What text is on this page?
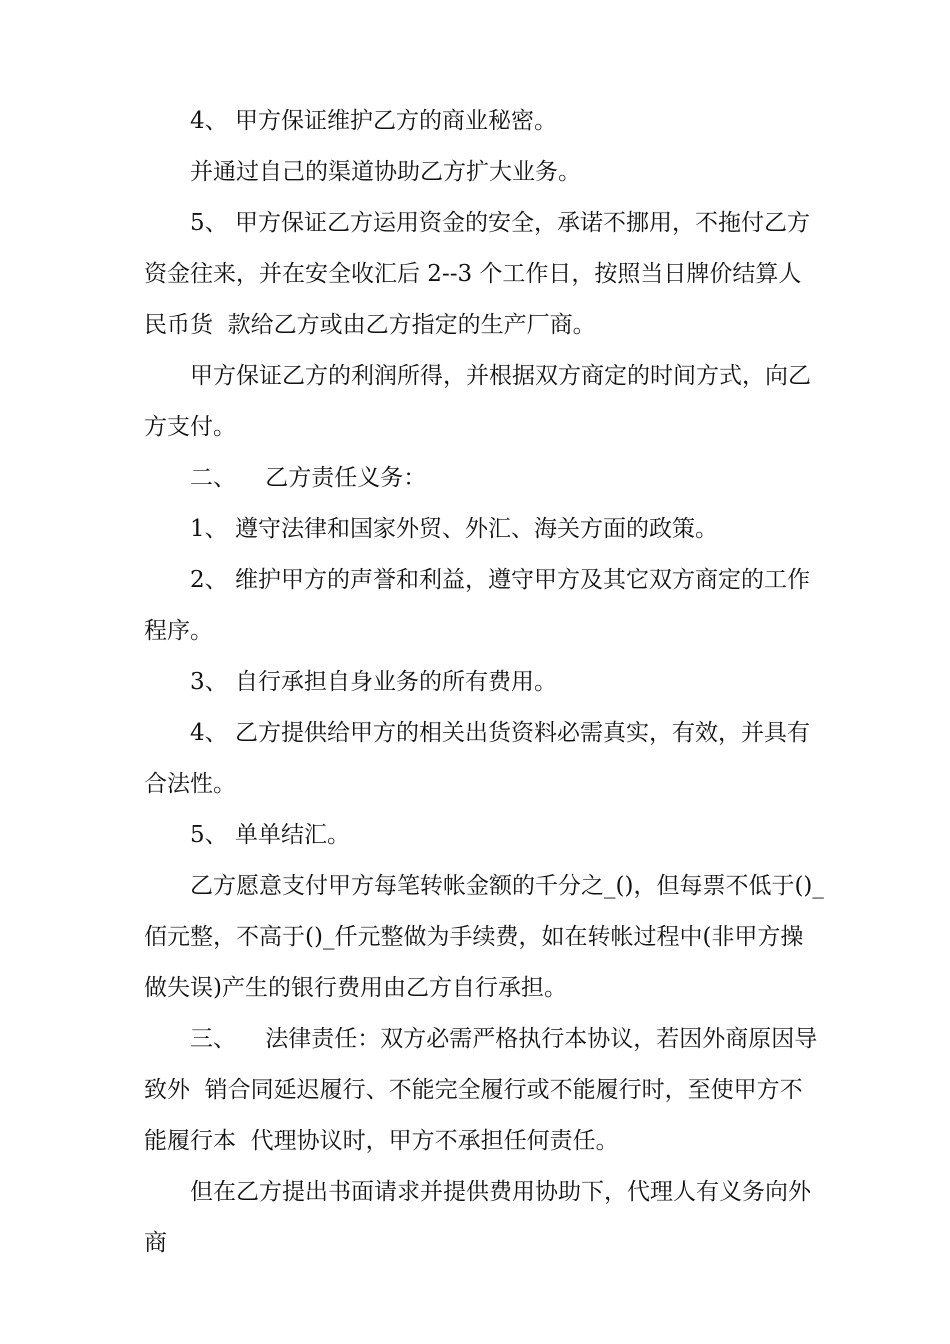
4、 甲方保证维护乙方的商业秘密。

并通过自己的渠道协助乙方扩大业务。

5、 甲方保证乙方运用资金的安全，承诺不挪用，不拖付乙方资金往来，并在安全收汇后 2--3 个工作日，按照当日牌价结算人民币货  款给乙方或由乙方指定的生产厂商。

甲方保证乙方的利润所得，并根据双方商定的时间方式，向乙方支付。

二、    乙方责任义务：

1、 遵守法律和国家外贸、外汇、海关方面的政策。

2、 维护甲方的声誉和利益，遵守甲方及其它双方商定的工作程序。

3、 自行承担自身业务的所有费用。

4、 乙方提供给甲方的相关出货资料必需真实，有效，并具有合法性。

5、 单单结汇。

乙方愿意支付甲方每笔转帐金额的千分之_()，但每票不低于()_佰元整，不高于()_仟元整做为手续费，如在转帐过程中(非甲方操做失误)产生的银行费用由乙方自行承担。

三、    法律责任：双方必需严格执行本协议，若因外商原因导致外  销合同延迟履行、不能完全履行或不能履行时，至使甲方不能履行本  代理协议时，甲方不承担任何责任。

但在乙方提出书面请求并提供费用协助下，代理人有义务向外商
